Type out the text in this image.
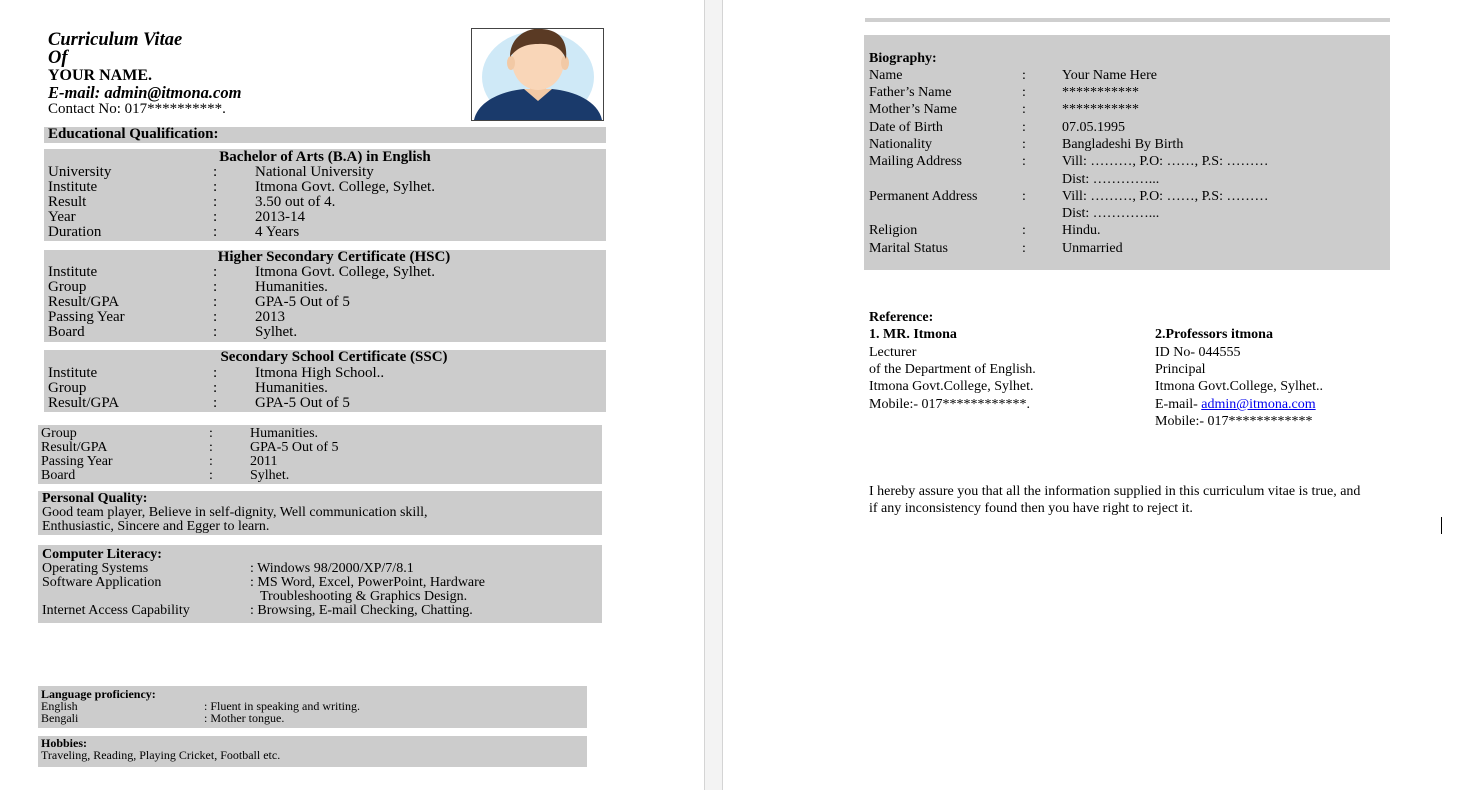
Curriculum Vitae
Of
YOUR NAME.
E-mail: admin@itmona.com
Contact No: 017**********.
Educational Qualification:
Bachelor of Arts (B.A) in English
University	:	National University
Institute	:	Itmona Govt. College, Sylhet.
Result	:	3.50 out of 4.
Year	:	2013-14
Duration	:	4 Years
Higher Secondary Certificate (HSC)
Institute	:	Itmona Govt. College, Sylhet.
Group	:	Humanities.
Result/GPA	:	GPA-5 Out of 5
Passing Year	:	2013
Board	:	Sylhet.
Secondary School Certificate (SSC)
Institute	:	Itmona High School..
Group	:	Humanities.
Result/GPA	:	GPA-5 Out of 5
Group	:	Humanities.
Result/GPA	:	GPA-5 Out of 5
Passing Year	:	2011
Board	:	Sylhet.
Personal Quality:
Good team player, Believe in self-dignity, Well communication skill,
Enthusiastic, Sincere and Egger to learn.
Computer Literacy:
Operating Systems	: Windows 98/2000/XP/7/8.1
Software Application	: MS Word, Excel, PowerPoint, Hardware
Troubleshooting & Graphics Design.
Internet Access Capability	: Browsing, E-mail Checking, Chatting.
Language proficiency:
English	: Fluent in speaking and writing.
Bengali	: Mother tongue.
Hobbies:
Traveling, Reading, Playing Cricket, Football etc.
Biography:
Name	:	Your Name Here
Father’s Name	:	***********
Mother’s Name	:	***********
Date of Birth	:	07.05.1995
Nationality	:	Bangladeshi By Birth
Mailing Address	:	Vill: ………, P.O: ……, P.S: ………
Dist: …………...
Permanent Address	:	Vill: ………, P.O: ……, P.S: ………
Dist: …………...
Religion	:	Hindu.
Marital Status	:	Unmarried
Reference:
1. MR. Itmona
Lecturer
of the Department of English.
Itmona Govt.College, Sylhet.
Mobile:- 017************.
2.Professors itmona
ID No- 044555
Principal
Itmona Govt.College, Sylhet..
E-mail- admin@itmona.com
Mobile:- 017************
I hereby assure you that all the information supplied in this curriculum vitae is true, and
if any inconsistency found then you have right to reject it.
